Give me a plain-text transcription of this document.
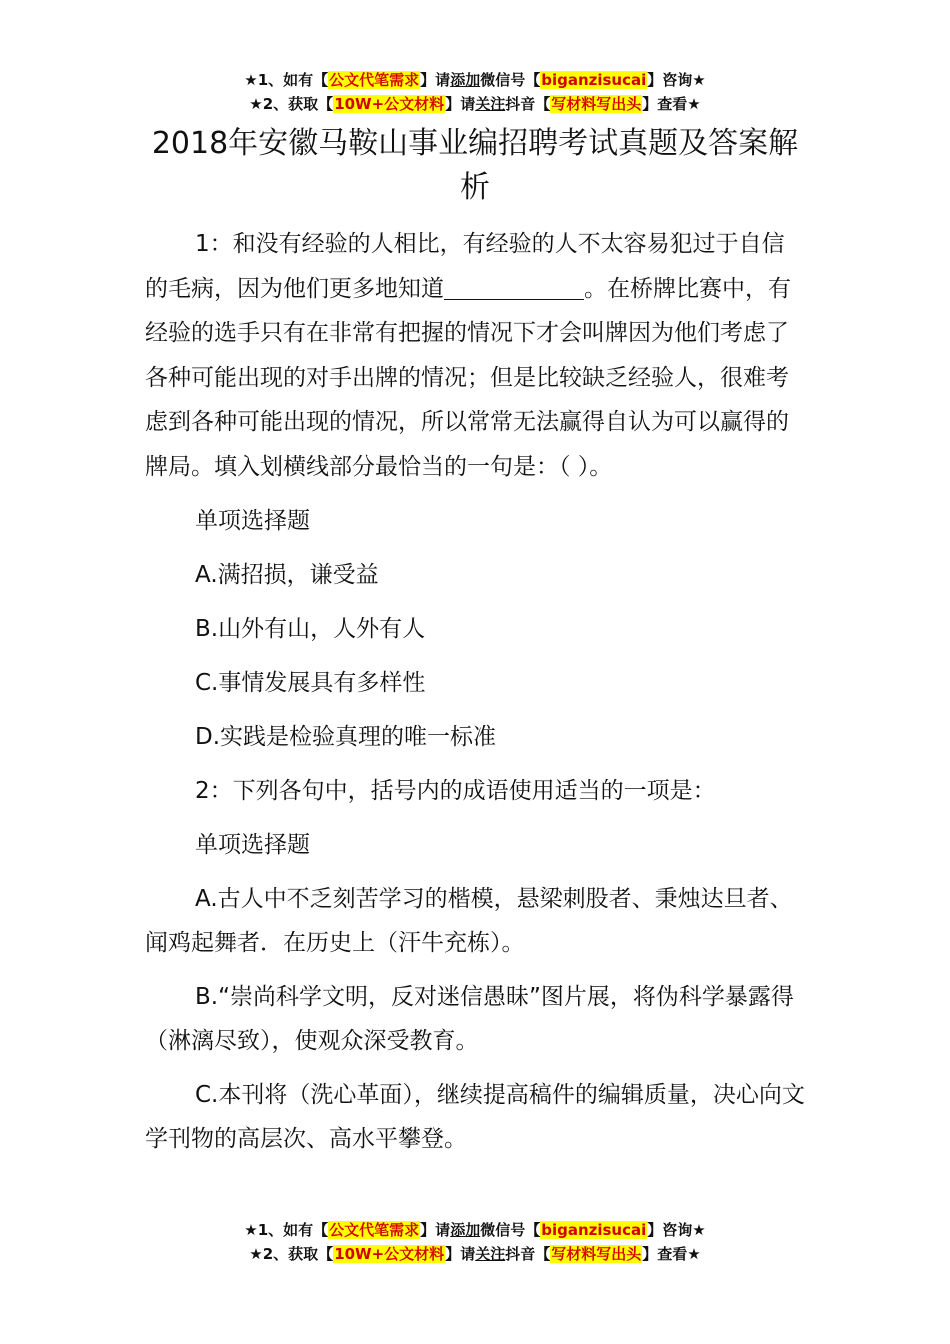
★1、如有【公文代笔需求】请添加微信号【biganzisucai】咨询★
★2、获取【10W+公文材料】请关注抖音【写材料写出头】查看★
2018年安徽马鞍山事业编招聘考试真题及答案解析

1：和没有经验的人相比，有经验的人不太容易犯过于自信的毛病，因为他们更多地知道	。在桥牌比赛中，有经验的选手只有在非常有把握的情况下才会叫牌因为他们考虑了各种可能出现的对手出牌的情况；但是比较缺乏经验人，很难考虑到各种可能出现的情况，所以常常无法赢得自认为可以赢得的牌局。填入划横线部分最恰当的一句是：（ ）。

单项选择题

A.满招损，谦受益

B.山外有山，人外有人

C.事情发展具有多样性

D.实践是检验真理的唯一标准

2：下列各句中，括号内的成语使用适当的一项是：

单项选择题

A.古人中不乏刻苦学习的楷模，悬梁刺股者、秉烛达旦者、闻鸡起舞者．在历史上（汗牛充栋）。

B.“崇尚科学文明，反对迷信愚昧”图片展，将伪科学暴露得（淋漓尽致），使观众深受教育。

C.本刊将（洗心革面），继续提高稿件的编辑质量，决心向文学刊物的高层次、高水平攀登。

★1、如有【公文代笔需求】请添加微信号【biganzisucai】咨询★
★2、获取【10W+公文材料】请关注抖音【写材料写出头】查看★
